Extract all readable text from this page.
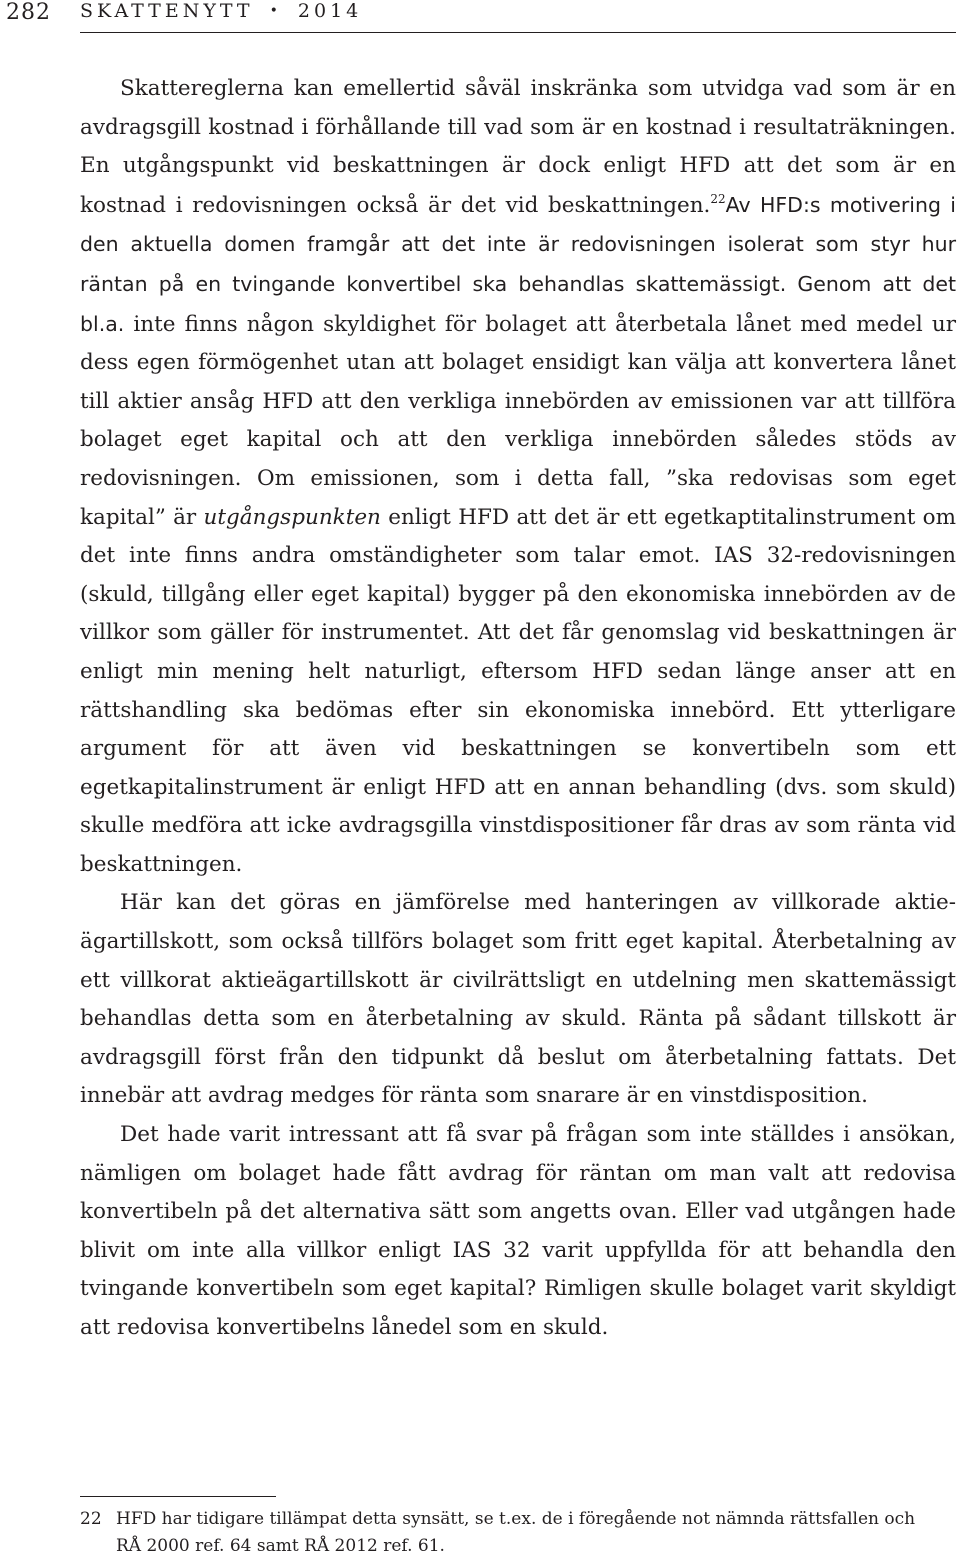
282 SKATTENYTT • 2014

Skattereglerna kan emellertid såväl inskränka som utvidga vad som är en avdragsgill kostnad i förhållande till vad som är en kostnad i resultaträkningen. En utgångspunkt vid beskattningen är dock enligt HFD att det som är en kostnad i redovisningen också är det vid beskattningen.$^{22}$Av HFD:s motivering i den aktuella domen framgår att det inte är redovisningen isolerat som styr hur räntan på en tvingande konvertibel ska behandlas skattemässigt. Genom att det bl.a. inte finns någon skyldighet för bolaget att återbetala lånet med medel ur dess egen förmögenhet utan att bolaget ensidigt kan välja att konvertera lånet till aktier ansåg HFD att den verkliga innebörden av emissionen var att tillföra bolaget eget kapital och att den verkliga innebörden således stöds av redovisningen. Om emissionen, som i detta fall, ”ska redovisas som eget kapital” är utgångspunkten enligt HFD att det är ett egetkaptitalinstrument om det inte finns andra omständigheter som talar emot. IAS 32-redovisningen (skuld, tillgång eller eget kapital) bygger på den ekonomiska innebörden av de villkor som gäller för instrumentet. Att det får genomslag vid beskattningen är enligt min mening helt naturligt, eftersom HFD sedan länge anser att en rättshandling ska bedömas efter sin ekonomiska innebörd. Ett ytterligare argument för att även vid beskattningen se konvertibeln som ett egetkapitalinstrument är enligt HFD att en annan behandling (dvs. som skuld) skulle medföra att icke avdragsgilla vinstdispositioner får dras av som ränta vid beskattningen.

Här kan det göras en jämförelse med hanteringen av villkorade aktieägartillskott, som också tillförs bolaget som fritt eget kapital. Återbetalning av ett villkorat aktieägartillskott är civilrättsligt en utdelning men skattemässigt behandlas detta som en återbetalning av skuld. Ränta på sådant tillskott är avdragsgill först från den tidpunkt då beslut om återbetalning fattats. Det innebär att avdrag medges för ränta som snarare är en vinstdisposition.

Det hade varit intressant att få svar på frågan som inte ställdes i ansökan, nämligen om bolaget hade fått avdrag för räntan om man valt att redovisa konvertibeln på det alternativa sätt som angetts ovan. Eller vad utgången hade blivit om inte alla villkor enligt IAS 32 varit uppfyllda för att behandla den tvingande konvertibeln som eget kapital? Rimligen skulle bolaget varit skyldigt att redovisa konvertibelns lånedel som en skuld.

22 HFD har tidigare tillämpat detta synsätt, se t.ex. de i föregående not nämnda rättsfallen och
RÅ 2000 ref. 64 samt RÅ 2012 ref. 61.
